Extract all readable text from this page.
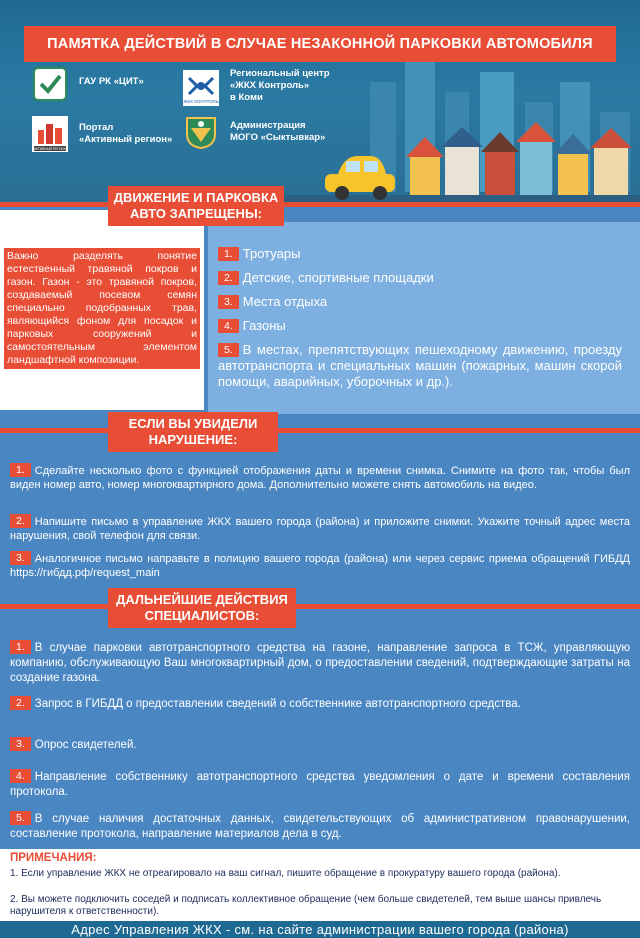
ПАМЯТКА ДЕЙСТВИЙ В СЛУЧАЕ НЕЗАКОННОЙ ПАРКОВКИ АВТОМОБИЛЯ
ГАУ РК «ЦИТ»
ЖКХ КОНТРОЛЬ
Региональный центр
«ЖКХ Контроль»
в Коми
АКТИВНЫЙ РЕГИОН
Портал
«Активный регион»
Администрация
МОГО «Сыктывкар»
ДВИЖЕНИЕ И ПАРКОВКА
АВТО ЗАПРЕЩЕНЫ:
Важно разделять понятие естественный травяной покров и газон. Газон - это травяной покров, создаваемый посевом семян специально подобранных трав, являющийся фоном для посадок и парковых сооружений и самостоятельным элементом ландшафтной композиции.
1. Тротуары
2. Детские, спортивные площадки
3. Места отдыха
4. Газоны
5. В местах, препятствующих пешеходному движению, проезду автотранспорта и специальных машин (пожарных, машин скорой помощи, аварийных, уборочных и др.).
ЕСЛИ ВЫ УВИДЕЛИ
НАРУШЕНИЕ:
1. Сделайте несколько фото с функцией отображения даты и времени снимка. Снимите на фото так, чтобы был виден номер авто, номер многоквартирного дома. Дополнительно можете снять автомобиль на видео.
2. Напишите письмо в управление ЖКХ вашего города (района) и приложите снимки. Укажите точный адрес места нарушения, свой телефон для связи.
3. Аналогичное письмо направьте в полицию вашего города (района) или через сервис приема обращений ГИБДД https://гибдд.рф/request_main
ДАЛЬНЕЙШИЕ ДЕЙСТВИЯ
СПЕЦИАЛИСТОВ:
1. В случае парковки автотранспортного средства на газоне, направление запроса в ТСЖ, управляющую компанию, обслуживающую Ваш многоквартирный дом, о предоставлении сведений, подтверждающие затраты на создание газона.
2. Запрос в ГИБДД о предоставлении сведений о собственнике автотранспортного средства.
3. Опрос свидетелей.
4. Направление собственнику автотранспортного средства уведомления о дате и времени составления протокола.
5. В случае наличия достаточных данных, свидетельствующих об административном правонарушении, составление протокола, направление материалов дела в суд.
ПРИМЕЧАНИЯ:
1. Если управление ЖКХ не отреагировало на ваш сигнал, пишите обращение в прокуратуру вашего города (района).
2. Вы можете подключить соседей и подписать коллективное обращение (чем больше свидетелей, тем выше шансы привлечь нарушителя к ответственности).
Адрес Управления ЖКХ - см. на сайте администрации вашего города (района)
